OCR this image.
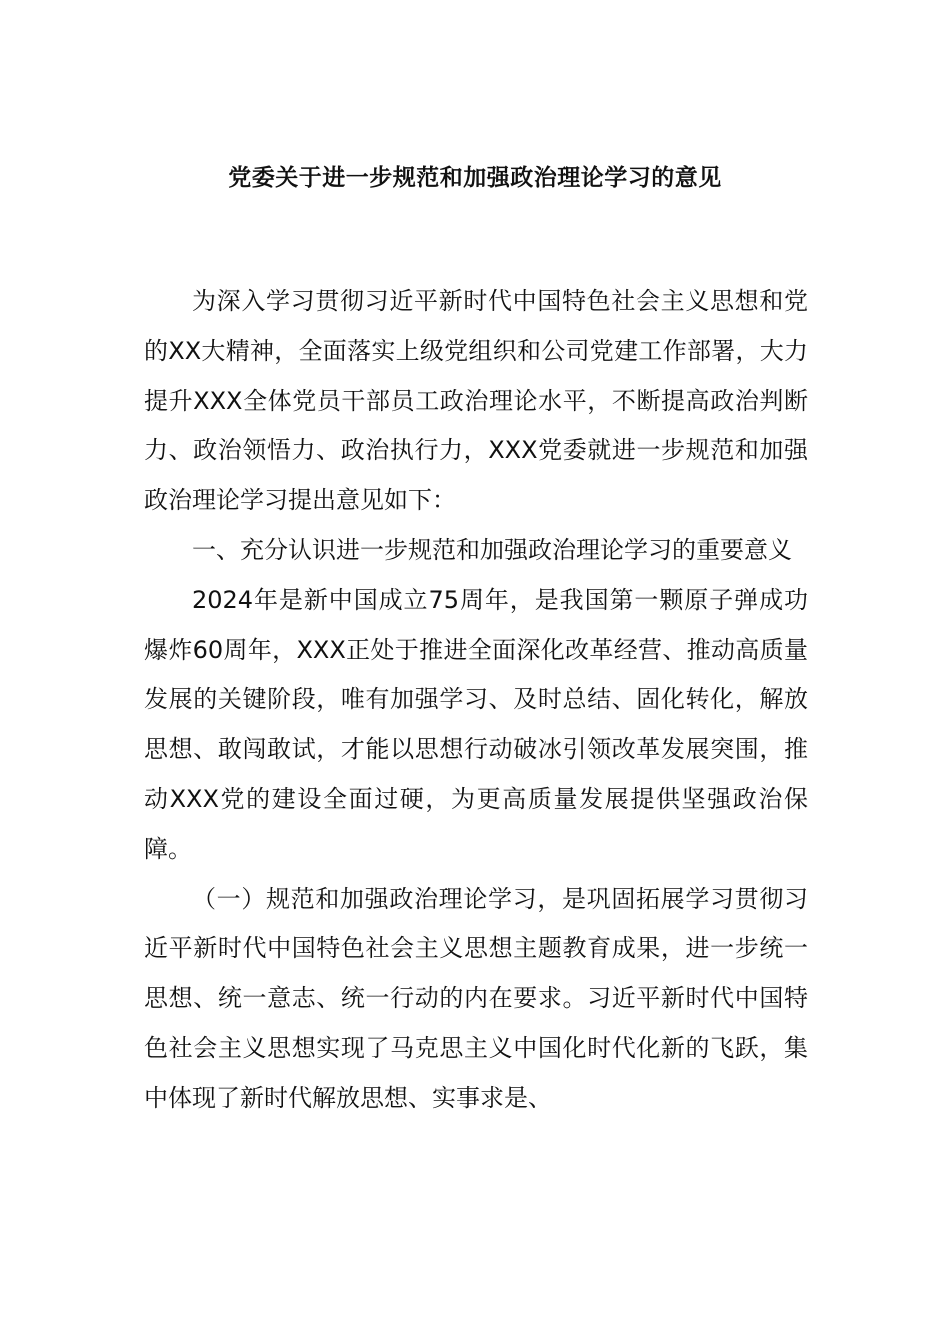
党委关于进一步规范和加强政治理论学习的意见

为深入学习贯彻习近平新时代中国特色社会主义思想和党的XX大精神，全面落实上级党组织和公司党建工作部署，大力提升XXX全体党员干部员工政治理论水平，不断提高政治判断力、政治领悟力、政治执行力，XXX党委就进一步规范和加强政治理论学习提出意见如下：

一、充分认识进一步规范和加强政治理论学习的重要意义

2024年是新中国成立75周年，是我国第一颗原子弹成功爆炸60周年，XXX正处于推进全面深化改革经营、推动高质量发展的关键阶段，唯有加强学习、及时总结、固化转化，解放思想、敢闯敢试，才能以思想行动破冰引领改革发展突围，推动XXX党的建设全面过硬，为更高质量发展提供坚强政治保障。

（一）规范和加强政治理论学习，是巩固拓展学习贯彻习近平新时代中国特色社会主义思想主题教育成果，进一步统一思想、统一意志、统一行动的内在要求。习近平新时代中国特色社会主义思想实现了马克思主义中国化时代化新的飞跃，集中体现了新时代解放思想、实事求是、
